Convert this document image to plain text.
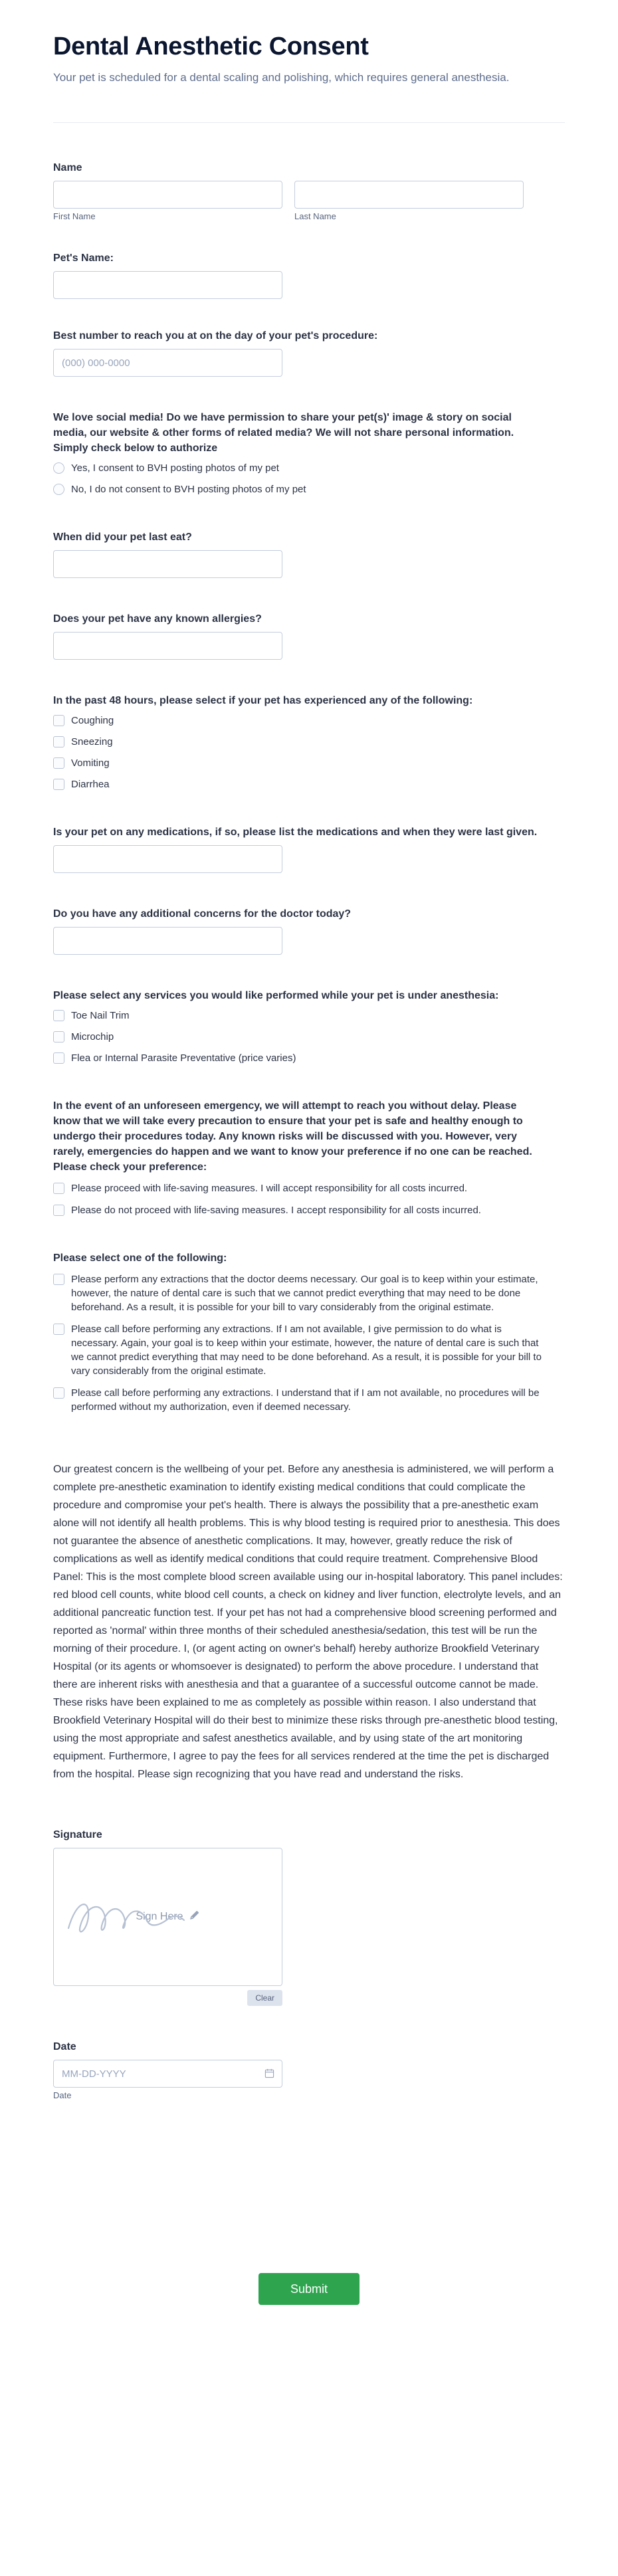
Dental Anesthetic Consent

Your pet is scheduled for a dental scaling and polishing, which requires general anesthesia.

Name
First Name	Last Name
Pet's Name:
Best number to reach you at on the day of your pet's procedure:
(000) 000-0000
We love social media! Do we have permission to share your pet(s)' image & story on social media, our website & other forms of related media? We will not share personal information. Simply check below to authorize
Yes, I consent to BVH posting photos of my pet
No, I do not consent to BVH posting photos of my pet
When did your pet last eat?
Does your pet have any known allergies?
In the past 48 hours, please select if your pet has experienced any of the following:
Coughing
Sneezing
Vomiting
Diarrhea
Is your pet on any medications, if so, please list the medications and when they were last given.
Do you have any additional concerns for the doctor today?
Please select any services you would like performed while your pet is under anesthesia:
Toe Nail Trim
Microchip
Flea or Internal Parasite Preventative (price varies)
In the event of an unforeseen emergency, we will attempt to reach you without delay. Please know that we will take every precaution to ensure that your pet is safe and healthy enough to undergo their procedures today. Any known risks will be discussed with you. However, very rarely, emergencies do happen and we want to know your preference if no one can be reached. Please check your preference:
Please proceed with life-saving measures. I will accept responsibility for all costs incurred.
Please do not proceed with life-saving measures. I accept responsibility for all costs incurred.
Please select one of the following:
Please perform any extractions that the doctor deems necessary. Our goal is to keep within your estimate, however, the nature of dental care is such that we cannot predict everything that may need to be done beforehand. As a result, it is possible for your bill to vary considerably from the original estimate.
Please call before performing any extractions. If I am not available, I give permission to do what is necessary. Again, your goal is to keep within your estimate, however, the nature of dental care is such that we cannot predict everything that may need to be done beforehand. As a result, it is possible for your bill to vary considerably from the original estimate.
Please call before performing any extractions. I understand that if I am not available, no procedures will be performed without my authorization, even if deemed necessary.

Our greatest concern is the wellbeing of your pet. Before any anesthesia is administered, we will perform a complete pre-anesthetic examination to identify existing medical conditions that could complicate the procedure and compromise your pet's health. There is always the possibility that a pre-anesthetic exam alone will not identify all health problems. This is why blood testing is required prior to anesthesia. This does not guarantee the absence of anesthetic complications. It may, however, greatly reduce the risk of complications as well as identify medical conditions that could require treatment. Comprehensive Blood Panel: This is the most complete blood screen available using our in-hospital laboratory. This panel includes: red blood cell counts, white blood cell counts, a check on kidney and liver function, electrolyte levels, and an additional pancreatic function test. If your pet has not had a comprehensive blood screening performed and reported as 'normal' within three months of their scheduled anesthesia/sedation, this test will be run the morning of their procedure. I, (or agent acting on owner's behalf) hereby authorize Brookfield Veterinary Hospital (or its agents or whomsoever is designated) to perform the above procedure. I understand that there are inherent risks with anesthesia and that a guarantee of a successful outcome cannot be made. These risks have been explained to me as completely as possible within reason. I also understand that Brookfield Veterinary Hospital will do their best to minimize these risks through pre-anesthetic blood testing, using the most appropriate and safest anesthetics available, and by using state of the art monitoring equipment. Furthermore, I agree to pay the fees for all services rendered at the time the pet is discharged from the hospital. Please sign recognizing that you have read and understand the risks.

Signature
Sign Here
Clear
Date
MM-DD-YYYY
Date
Submit
